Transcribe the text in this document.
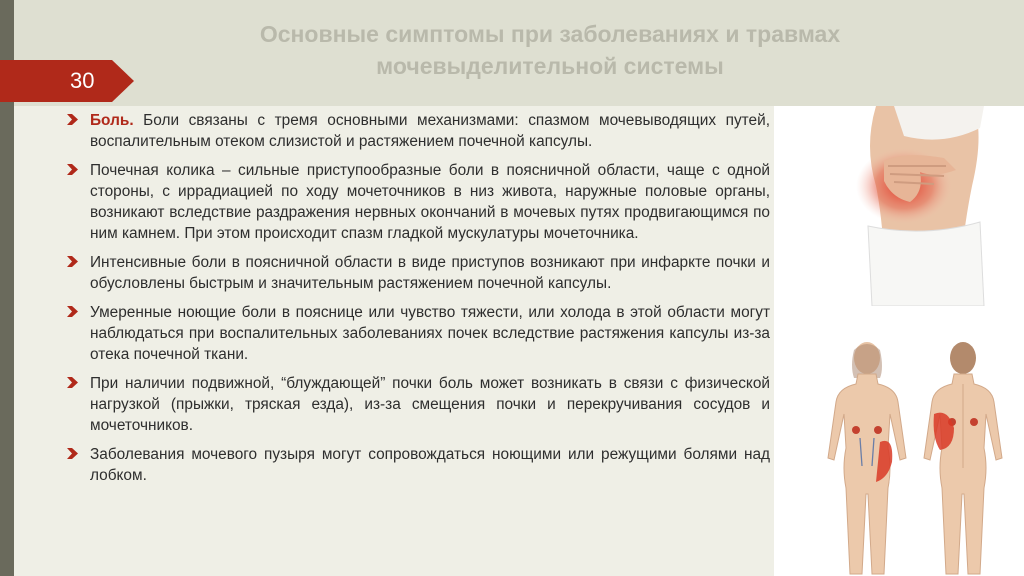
Основные симптомы при заболеваниях и травмах
мочевыделительной системы
30
Боль. Боли связаны с тремя основными механизмами: спазмом мочевыводящих путей, воспалительным отеком слизистой и растяжением почечной капсулы.
Почечная колика – сильные приступообразные боли в поясничной области, чаще с одной стороны, с иррадиацией по ходу мочеточников в низ живота, наружные половые органы, возникают вследствие раздражения нервных окончаний в мочевых путях продвигающимся по ним камнем. При этом происходит спазм гладкой мускулатуры мочеточника.
Интенсивные боли в поясничной области в виде приступов возникают при инфаркте почки и обусловлены быстрым и значительным растяжением почечной капсулы.
Умеренные ноющие боли в пояснице или чувство тяжести, или холода в этой области могут наблюдаться при воспалительных заболеваниях почек вследствие растяжения капсулы из-за отека почечной ткани.
При наличии подвижной, “блуждающей” почки боль может возникать в связи с физической нагрузкой (прыжки, тряская езда), из-за смещения почки и перекручивания сосудов и мочеточников.
Заболевания мочевого пузыря могут сопровождаться ноющими или режущими болями над лобком.
